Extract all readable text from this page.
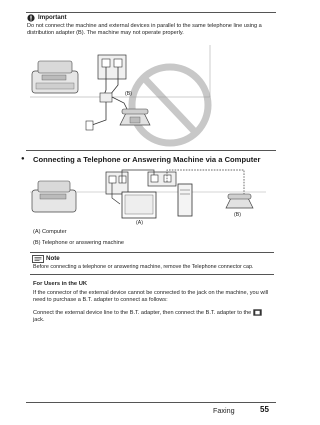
Important
Do not connect the machine and external devices in parallel to the same telephone line using a distribution adapter (B). The machine may not operate properly.
(B)
● Connecting a Telephone or Answering Machine via a Computer
(A)
(B)
(A) Computer
(B) Telephone or answering machine
Note
Before connecting a telephone or answering machine, remove the Telephone connector cap.
For Users in the UK
If the connector of the external device cannot be connected to the jack on the machine, you will need to purchase a B.T. adapter to connect as follows:
Connect the external device line to the B.T. adapter, then connect the B.T. adapter to the

jack.
Faxing	55
